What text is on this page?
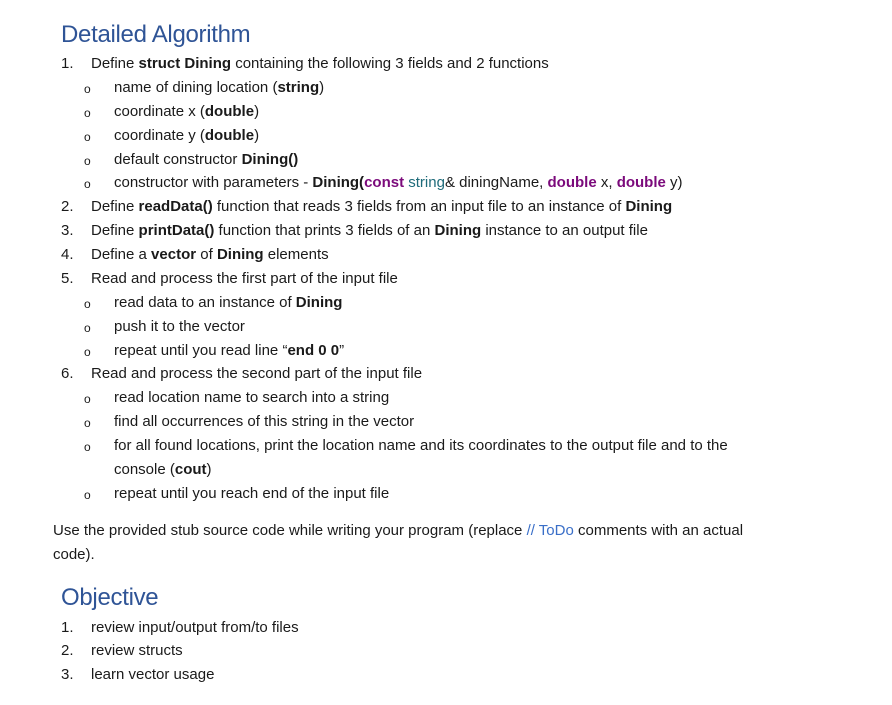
Detailed Algorithm
1. Define struct Dining containing the following 3 fields and 2 functions
o name of dining location (string)
o coordinate x (double)
o coordinate y (double)
o default constructor Dining()
o constructor with parameters - Dining(const string& diningName, double x, double y)
2. Define readData() function that reads 3 fields from an input file to an instance of Dining
3. Define printData() function that prints 3 fields of an Dining instance to an output file
4. Define a vector of Dining elements
5. Read and process the first part of the input file
o read data to an instance of Dining
o push it to the vector
o repeat until you read line “end 0 0”
6. Read and process the second part of the input file
o read location name to search into a string
o find all occurrences of this string in the vector
o for all found locations, print the location name and its coordinates to the output file and to the
console (cout)
o repeat until you reach end of the input file
Use the provided stub source code while writing your program (replace // ToDo comments with an actual
code).
Objective
1. review input/output from/to files
2. review structs
3. learn vector usage
